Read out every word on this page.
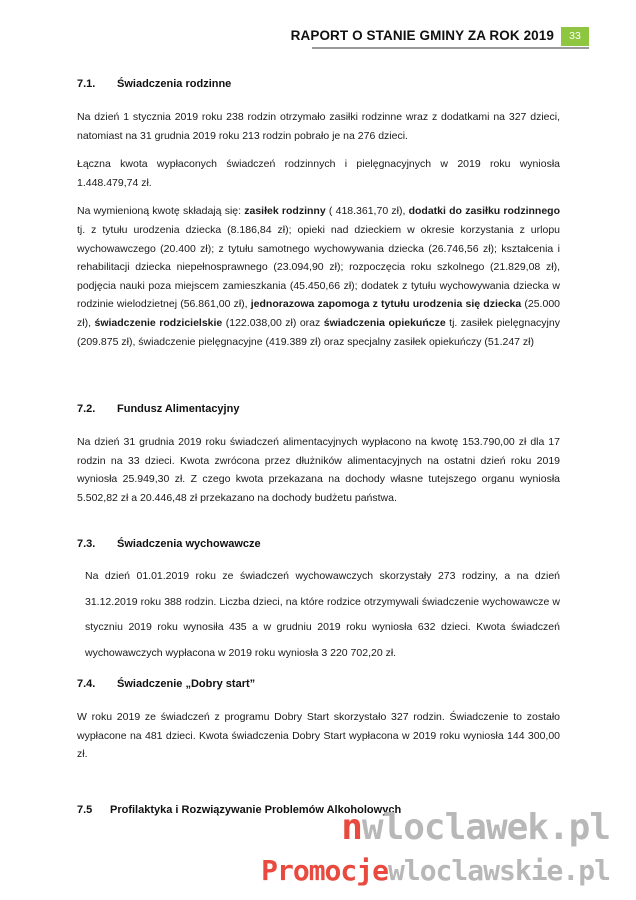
RAPORT O STANIE GMINY ZA ROK 2019	33
7.1. Świadczenia rodzinne

Na dzień 1 stycznia 2019 roku 238 rodzin otrzymało zasiłki rodzinne wraz z dodatkami na 327 dzieci, natomiast na 31 grudnia 2019 roku 213 rodzin pobrało je na 276 dzieci.

Łączna kwota wypłaconych świadczeń rodzinnych i pielęgnacyjnych w 2019 roku wyniosła 1.448.479,74 zł.

Na wymienioną kwotę składają się: zasiłek rodzinny ( 418.361,70 zł), dodatki do zasiłku rodzinnego tj. z tytułu urodzenia dziecka (8.186,84 zł); opieki nad dzieckiem w okresie korzystania z urlopu wychowawczego (20.400 zł); z tytułu samotnego wychowywania dziecka (26.746,56 zł); kształcenia i rehabilitacji dziecka niepełnosprawnego (23.094,90 zł); rozpoczęcia roku szkolnego (21.829,08 zł), podjęcia nauki poza miejscem zamieszkania (45.450,66 zł); dodatek z tytułu wychowywania dziecka w rodzinie wielodzietnej (56.861,00 zł), jednorazowa zapomoga z tytułu urodzenia się dziecka (25.000 zł), świadczenie rodzicielskie (122.038,00 zł) oraz świadczenia opiekuńcze tj. zasiłek pielęgnacyjny (209.875 zł), świadczenie pielęgnacyjne (419.389 zł) oraz specjalny zasiłek opiekuńczy (51.247 zł)

7.2. Fundusz Alimentacyjny

Na dzień 31 grudnia 2019 roku świadczeń alimentacyjnych wypłacono na kwotę 153.790,00 zł dla 17 rodzin na 33 dzieci. Kwota zwrócona przez dłużników alimentacyjnych na ostatni dzień roku 2019 wyniosła 25.949,30 zł. Z czego kwota przekazana na dochody własne tutejszego organu wyniosła 5.502,82 zł a 20.446,48 zł przekazano na dochody budżetu państwa.

7.3. Świadczenia wychowawcze

Na dzień 01.01.2019 roku ze świadczeń wychowawczych skorzystały 273 rodziny, a na dzień 31.12.2019 roku 388 rodzin. Liczba dzieci, na które rodzice otrzymywali świadczenie wychowawcze w styczniu 2019 roku wynosiła 435 a w grudniu 2019 roku wyniosła 632 dzieci. Kwota świadczeń wychowawczych wypłacona w 2019 roku wyniosła 3 220 702,20 zł.

7.4. Świadczenie „Dobry start”

W roku 2019 ze świadczeń z programu Dobry Start skorzystało 327 rodzin. Świadczenie to zostało wypłacone na 481 dzieci. Kwota świadczenia Dobry Start wypłacona w 2019 roku wyniosła 144 300,00 zł.

7.5 Profilaktyka i Rozwiązywanie Problemów Alkoholowych
nwloclawek.pl
Promocjewloclawskie.pl
